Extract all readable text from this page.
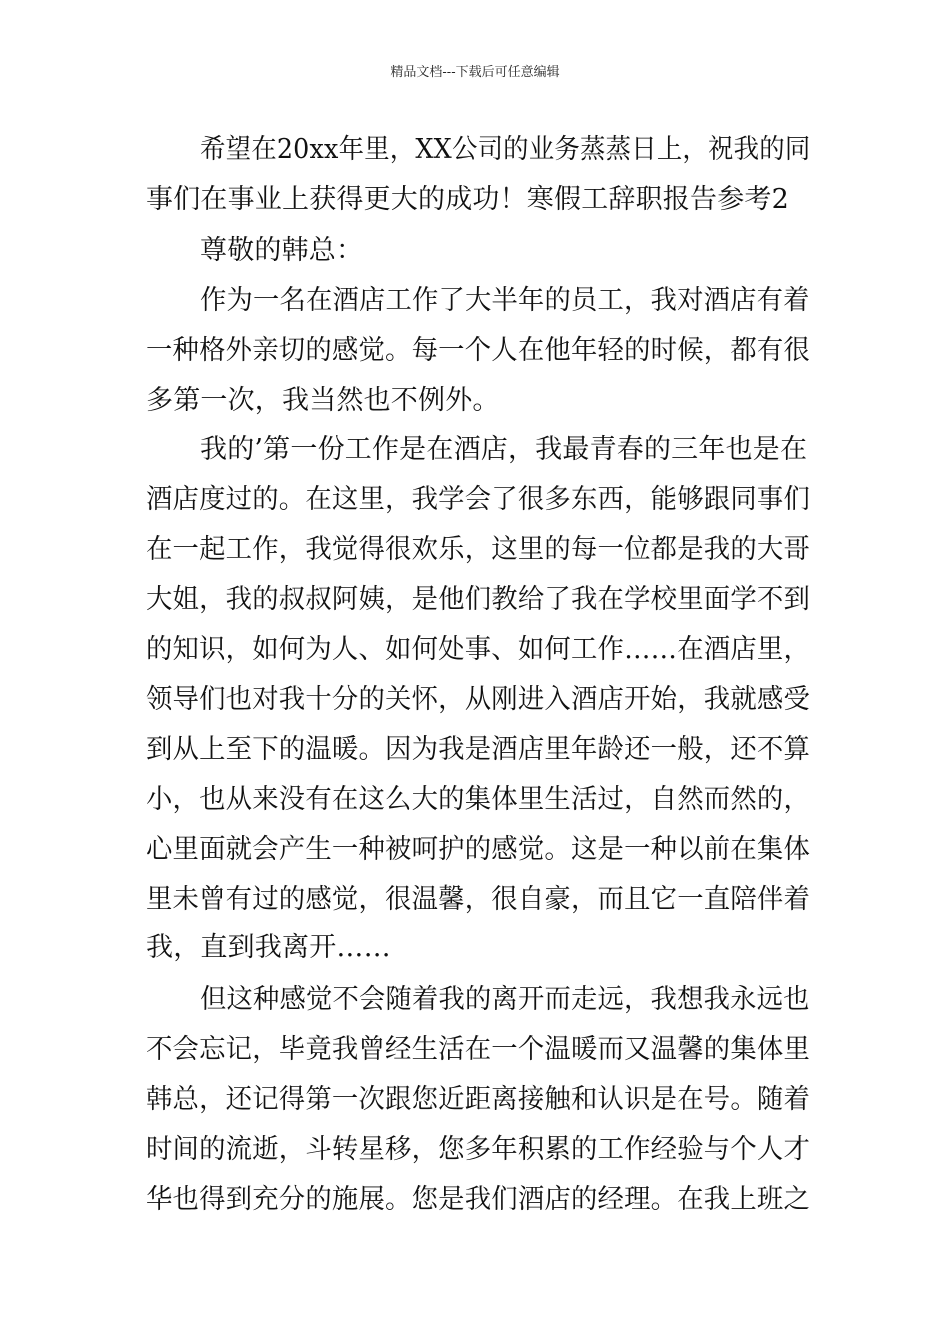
精品文档---下载后可任意编辑
希望在20xx年里，XX公司的业务蒸蒸日上，祝我的同
事们在事业上获得更大的成功！寒假工辞职报告参考2
尊敬的韩总：
作为一名在酒店工作了大半年的员工，我对酒店有着
一种格外亲切的感觉。每一个人在他年轻的时候，都有很
多第一次，我当然也不例外。
我的’第一份工作是在酒店，我最青春的三年也是在
酒店度过的。在这里，我学会了很多东西，能够跟同事们
在一起工作，我觉得很欢乐，这里的每一位都是我的大哥
大姐，我的叔叔阿姨，是他们教给了我在学校里面学不到
的知识，如何为人、如何处事、如何工作……在酒店里，
领导们也对我十分的关怀，从刚进入酒店开始，我就感受
到从上至下的温暖。因为我是酒店里年龄还一般，还不算
小，也从来没有在这么大的集体里生活过，自然而然的，
心里面就会产生一种被呵护的感觉。这是一种以前在集体
里未曾有过的感觉，很温馨，很自豪，而且它一直陪伴着
我，直到我离开……
但这种感觉不会随着我的离开而走远，我想我永远也
不会忘记，毕竟我曾经生活在一个温暖而又温馨的集体里
韩总，还记得第一次跟您近距离接触和认识是在号。随着
时间的流逝，斗转星移，您多年积累的工作经验与个人才
华也得到充分的施展。您是我们酒店的经理。在我上班之
